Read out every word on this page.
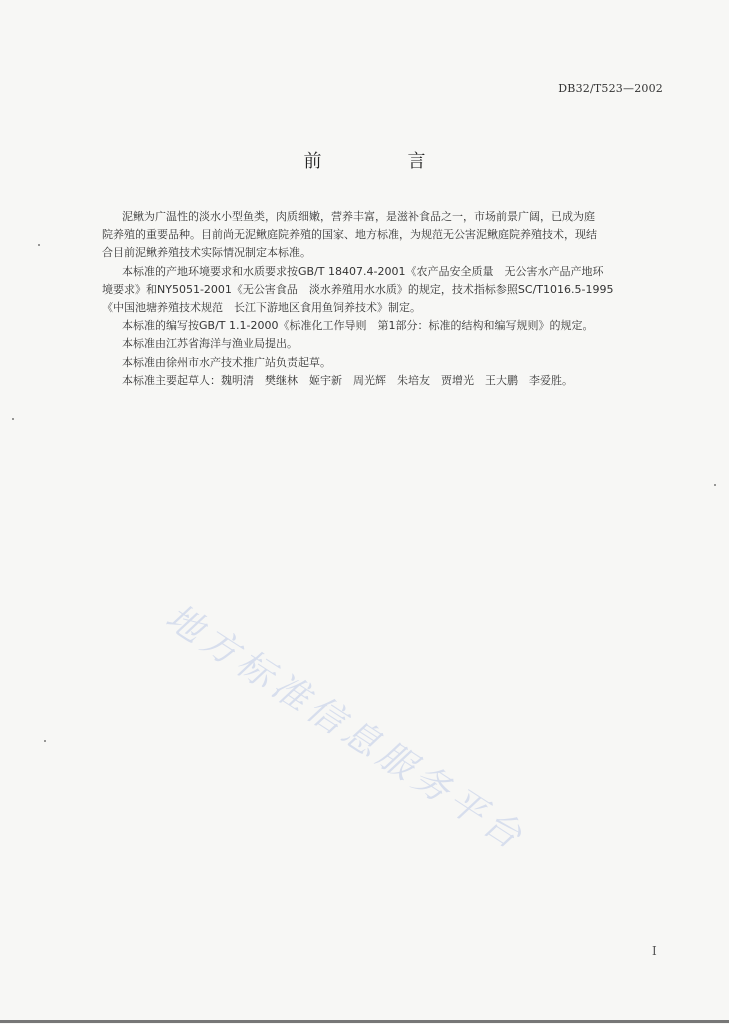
DB32/T523—2002
前　言

泥鳅为广温性的淡水小型鱼类，肉质细嫩，营养丰富，是滋补食品之一，市场前景广阔，已成为庭
院养殖的重要品种。目前尚无泥鳅庭院养殖的国家、地方标准，为规范无公害泥鳅庭院养殖技术，现结
合目前泥鳅养殖技术实际情况制定本标准。

本标准的产地环境要求和水质要求按GB/T 18407.4-2001《农产品安全质量　无公害水产品产地环
境要求》和NY5051-2001《无公害食品　淡水养殖用水水质》的规定，技术指标参照SC/T1016.5-1995
《中国池塘养殖技术规范　长江下游地区食用鱼饲养技术》制定。

本标准的编写按GB/T 1.1-2000《标准化工作导则　第1部分：标准的结构和编写规则》的规定。

本标准由江苏省海洋与渔业局提出。

本标准由徐州市水产技术推广站负责起草。

本标准主要起草人：魏明清　樊继林　姬宇新　周光辉　朱培友　贾增光　王大鹏　李爱胜。

地方标准信息服务平台
I
